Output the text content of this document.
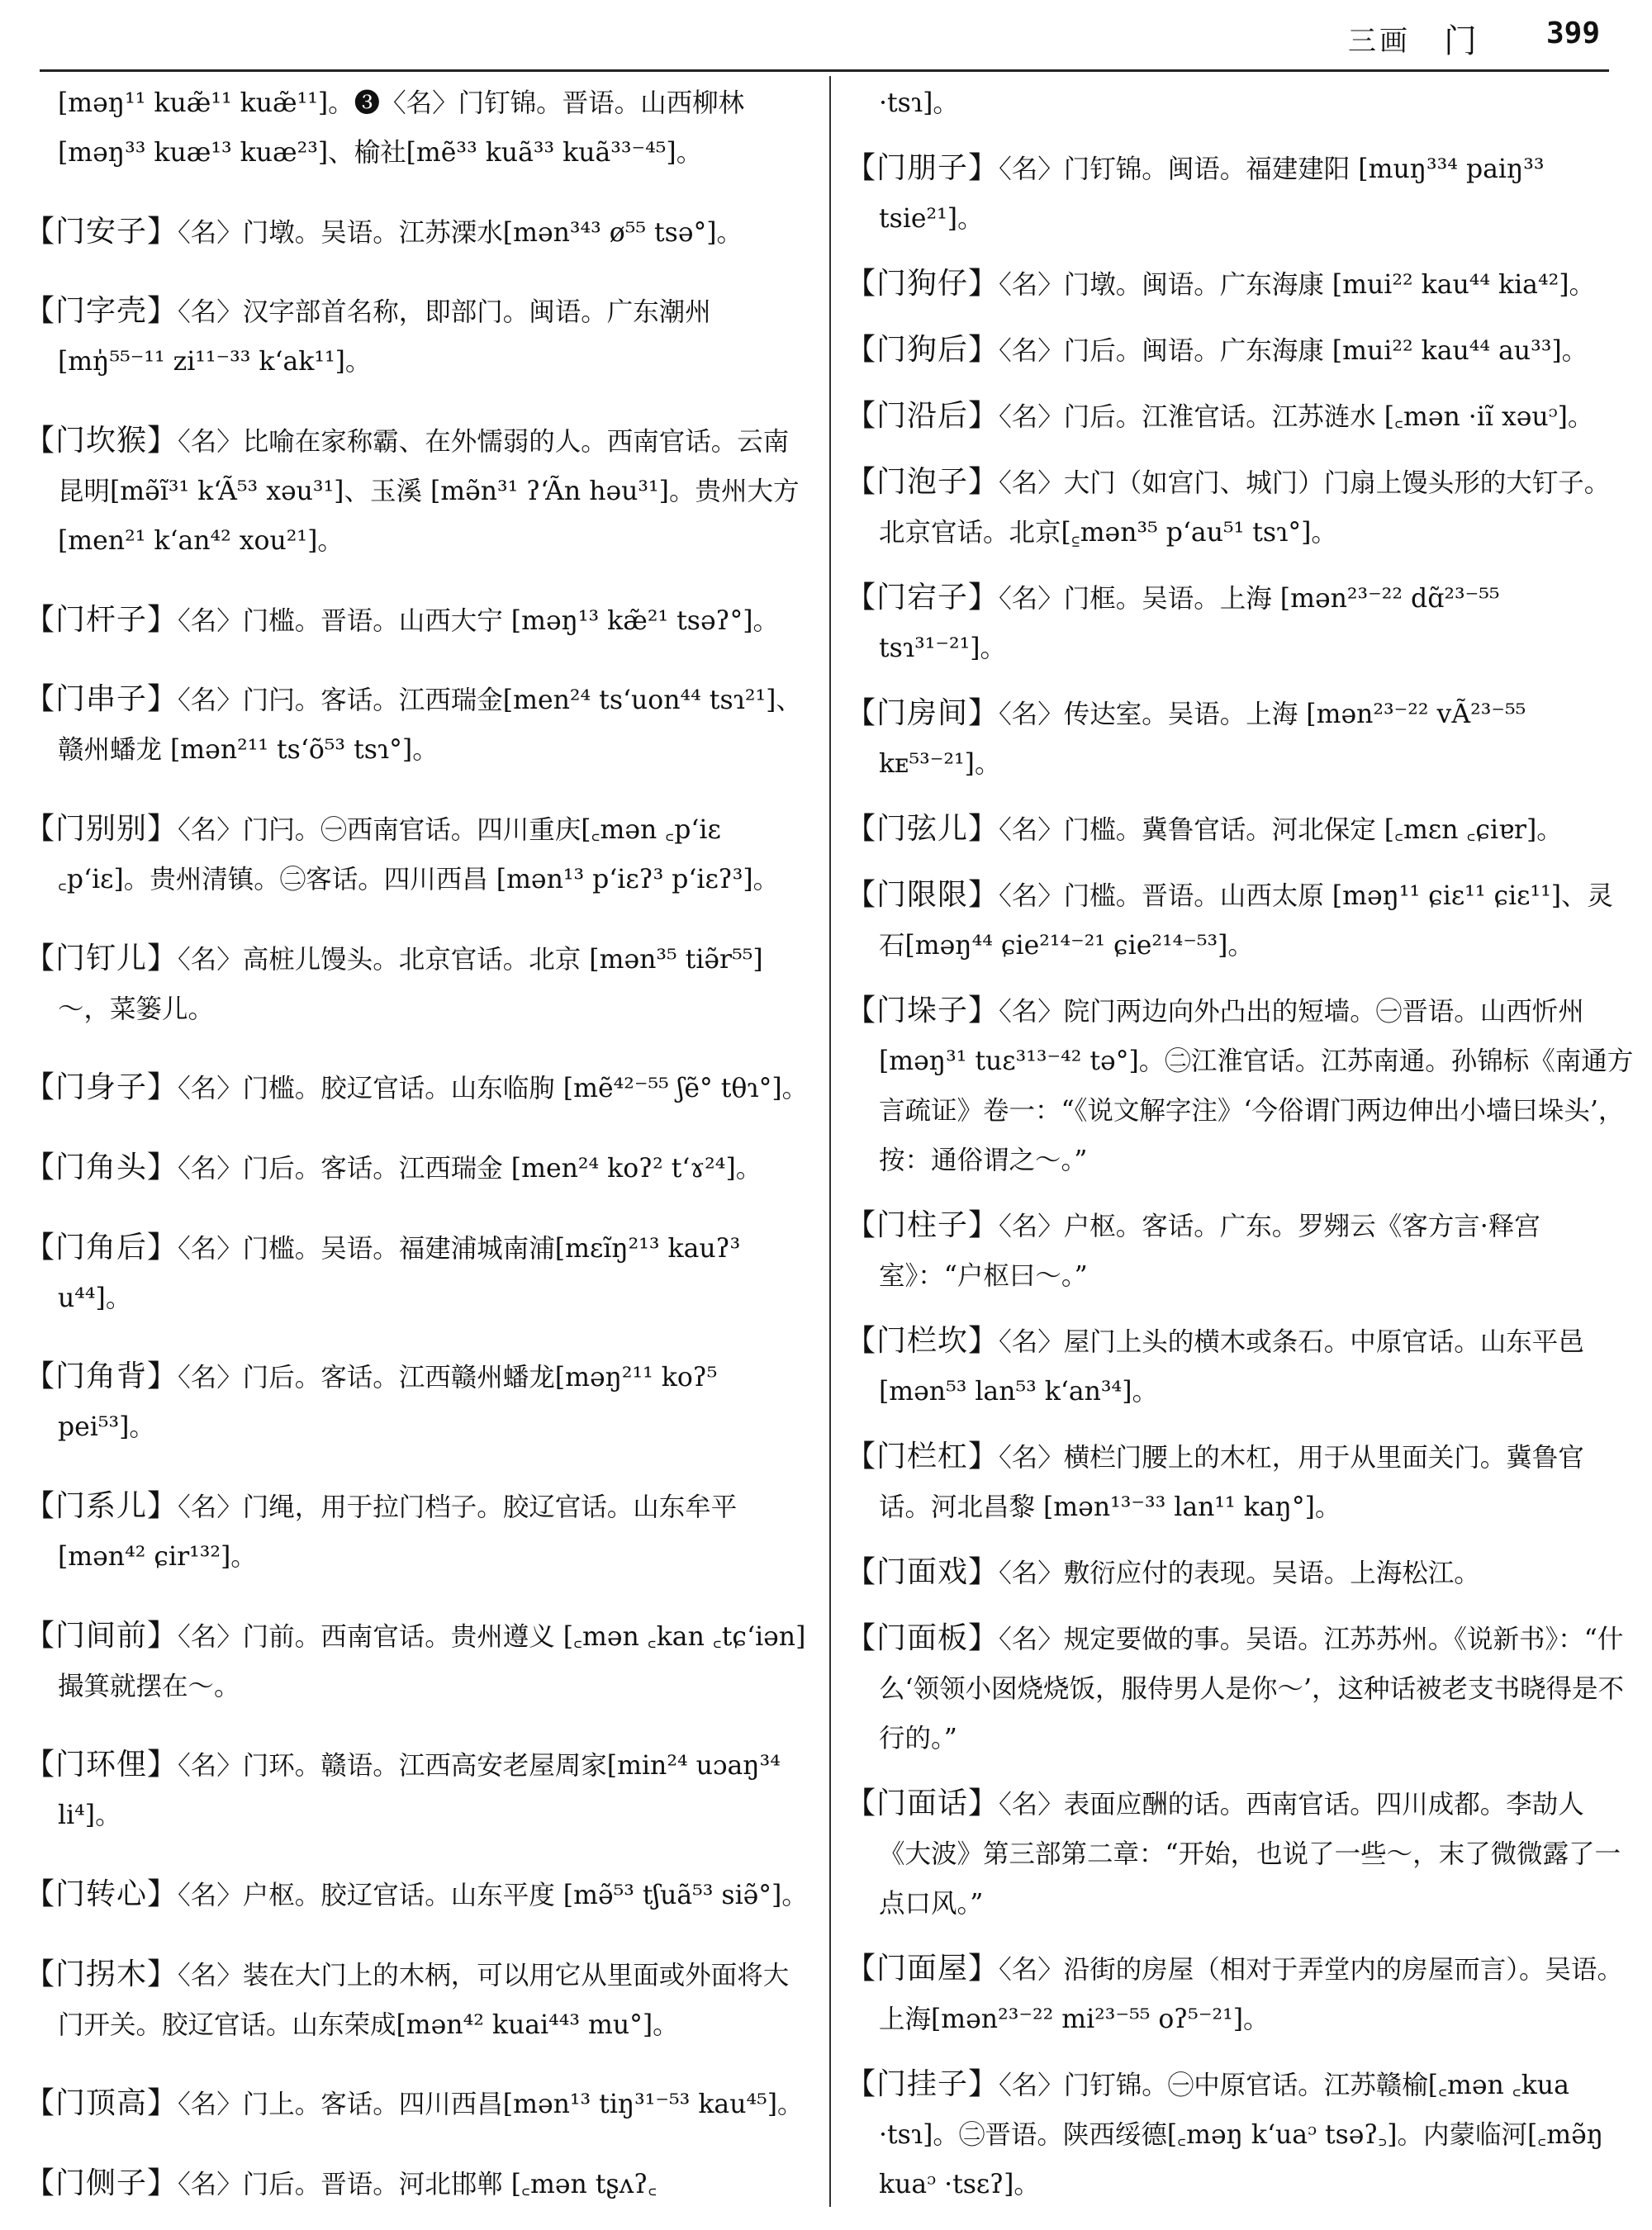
三画 门 399

[məŋ¹¹ kuæ̃¹¹ kuæ̃¹¹]。❸〈名〉门钉锦。晋语。山西柳林[məŋ³³ kuæ¹³ kuæ²³]、榆社[mẽ³³ kuã³³ kuã³³⁻⁴⁵]。

【 门安子 】 〈名〉门墩。吴语。江苏溧水[mən³⁴³ ø⁵⁵ tsə°]。

【 门字壳 】 〈名〉汉字部首名称，即部门。闽语。广东潮州[mŋ̍⁵⁵⁻¹¹ zi¹¹⁻³³ kʻak¹¹]。

【 门坎猴 】 〈名〉比喻在家称霸、在外懦弱的人。西南官话。云南昆明[mə̃ĩ³¹ kʻÃ⁵³ xəu³¹]、玉溪 [mə̃n³¹ ʔʻÃn həu³¹]。贵州大方[men²¹ kʻan⁴² xou²¹]。

【 门杆子 】 〈名〉门槛。晋语。山西大宁 [məŋ¹³ kæ̃²¹ tsəʔ°]。

【 门串子 】 〈名〉门闩。客话。江西瑞金[men²⁴ tsʻuon⁴⁴ tsɿ²¹]、赣州蟠龙 [mən²¹¹ tsʻõ⁵³ tsɿ°]。

【 门别别 】 〈名〉门闩。㊀西南官话。四川重庆[꜀mən ꜀pʻiɛ ꜀pʻiɛ]。贵州清镇。㊁客话。四川西昌 [mən¹³ pʻiɛʔ³ pʻiɛʔ³]。

【 门钉儿 】 〈名〉高桩儿馒头。北京官话。北京 [mən³⁵ tiə̃r⁵⁵]～，菜篓儿。

【 门身子 】 〈名〉门槛。胶辽官话。山东临朐 [mẽ⁴²⁻⁵⁵ ʃẽ° tθɿ°]。

【 门角头 】 〈名〉门后。客话。江西瑞金 [men²⁴ koʔ² tʻɤ²⁴]。

【 门角后 】 〈名〉门槛。吴语。福建浦城南浦[mɛĩŋ²¹³ kauʔ³ u⁴⁴]。

【 门角背 】 〈名〉门后。客话。江西赣州蟠龙[məŋ²¹¹ koʔ⁵ pei⁵³]。

【 门系儿 】 〈名〉门绳，用于拉门档子。胶辽官话。山东牟平 [mən⁴² ɕir¹³²]。

【 门间前 】 〈名〉门前。西南官话。贵州遵义 [꜀mən ꜀kan ꜀tɕʻiən]撮箕就摆在～。

【 门环俚 】 〈名〉门环。赣语。江西高安老屋周家[min²⁴ uɔaŋ³⁴ li⁴]。

【 门转心 】 〈名〉户枢。胶辽官话。山东平度 [mə̃⁵³ tʃuã⁵³ siə̃°]。

【 门拐木 】 〈名〉装在大门上的木柄，可以用它从里面或外面将大门开关。胶辽官话。山东荣成[mən⁴² kuai⁴⁴³ mu°]。

【 门顶高 】 〈名〉门上。客话。四川西昌[mən¹³ tiŋ³¹⁻⁵³ kau⁴⁵]。

【 门侧子 】 〈名〉门后。晋语。河北邯郸 [꜀mən tʂʌʔ꜀

·tsɿ]。

【 门朋子 】 〈名〉门钉锦。闽语。福建建阳 [muŋ³³⁴ paiŋ³³ tsie²¹]。

【 门狗仔 】 〈名〉门墩。闽语。广东海康 [mui²² kau⁴⁴ kia⁴²]。

【 门狗后 】 〈名〉门后。闽语。广东海康 [mui²² kau⁴⁴ au³³]。

【 门沿后 】 〈名〉门后。江淮官话。江苏涟水 [꜀mən ·iĩ xəuᵓ]。

【 门泡子 】 〈名〉大门（如宫门、城门）门扇上馒头形的大钉子。北京官话。北京[꜁mən³⁵ pʻau⁵¹ tsɿ°]。

【 门宕子 】 〈名〉门框。吴语。上海 [mən²³⁻²² dɑ̃²³⁻⁵⁵ tsɿ³¹⁻²¹]。

【 门房间 】 〈名〉传达室。吴语。上海 [mən²³⁻²² vÃ²³⁻⁵⁵ kᴇ⁵³⁻²¹]。

【 门弦儿 】 〈名〉门槛。冀鲁官话。河北保定 [꜀mɛn ꜀ɕiɐr]。

【 门限限 】 〈名〉门槛。晋语。山西太原 [məŋ¹¹ ɕiɛ¹¹ ɕiɛ¹¹]、灵石[məŋ⁴⁴ ɕie²¹⁴⁻²¹ ɕie²¹⁴⁻⁵³]。

【 门垛子 】 〈名〉院门两边向外凸出的短墙。㊀晋语。山西忻州[məŋ³¹ tuɛ³¹³⁻⁴² tə°]。㊁江淮官话。江苏南通。孙锦标《南通方言疏证》卷一：“《说文解字注》‘今俗谓门两边伸出小墙曰垛头’，按：通俗谓之～。”

【 门柱子 】 〈名〉户枢。客话。广东。罗翙云《客方言·释宫室》：“户枢曰～。”

【 门栏坎 】 〈名〉屋门上头的横木或条石。中原官话。山东平邑 [mən⁵³ lan⁵³ kʻan³⁴]。

【 门栏杠 】 〈名〉横栏门腰上的木杠，用于从里面关门。冀鲁官话。河北昌黎 [mən¹³⁻³³ lan¹¹ kaŋ°]。

【 门面戏 】 〈名〉敷衍应付的表现。吴语。上海松江。

【 门面板 】 〈名〉规定要做的事。吴语。江苏苏州。《说新书》：“什么‘领领小囡烧烧饭，服侍男人是你～’，这种话被老支书晓得是不行的。”

【 门面话 】 〈名〉表面应酬的话。西南官话。四川成都。李劼人《大波》第三部第二章：“开始，也说了一些～，末了微微露了一点口风。”

【 门面屋 】 〈名〉沿街的房屋（相对于弄堂内的房屋而言）。吴语。上海[mən²³⁻²² mi²³⁻⁵⁵ oʔ⁵⁻²¹]。

【 门挂子 】 〈名〉门钉锦。㊀中原官话。江苏赣榆[꜀mən ꜀kua ·tsɿ]。㊁晋语。陕西绥德[꜀məŋ kʻuaᵓ tsəʔ꜆]。内蒙临河[꜀mə̃ŋ kuaᵓ ·tsɛʔ]。
